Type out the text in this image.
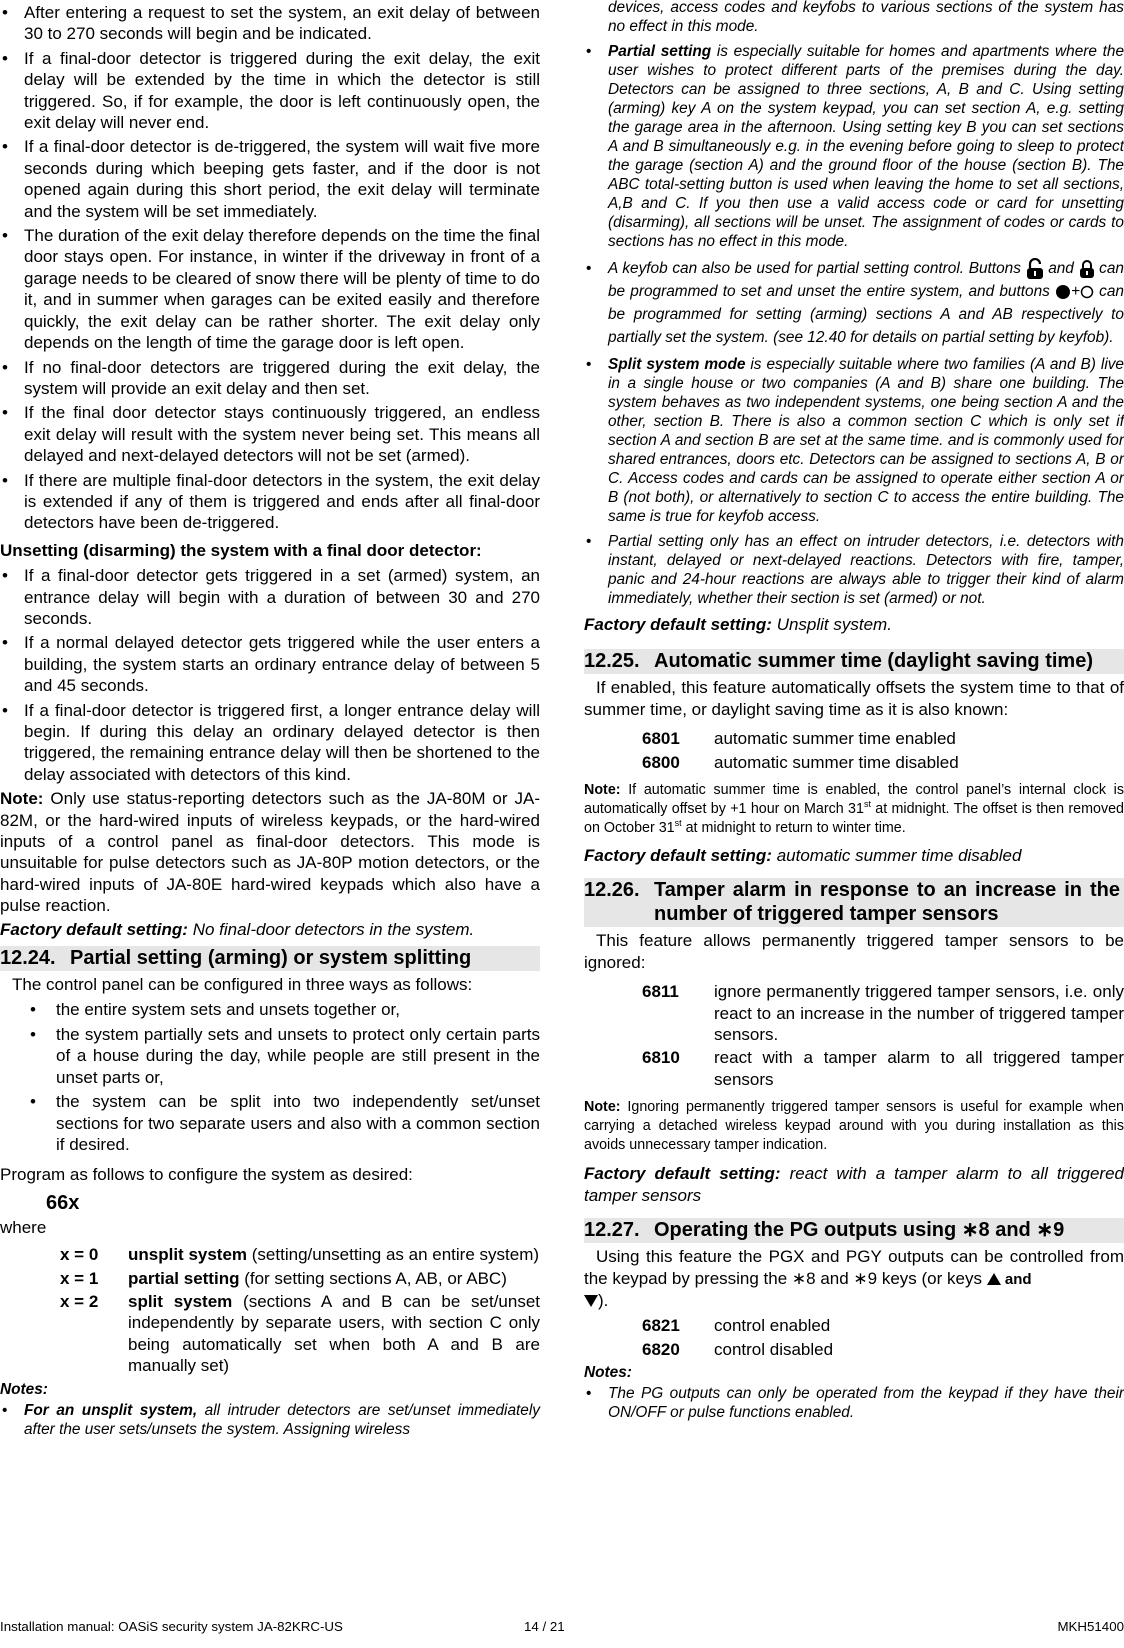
• After entering a request to set the system, an exit delay of between 30 to 270 seconds will begin and be indicated.
• If a final-door detector is triggered during the exit delay, the exit delay will be extended by the time in which the detector is still triggered. So, if for example, the door is left continuously open, the exit delay will never end.
• If a final-door detector is de-triggered, the system will wait five more seconds during which beeping gets faster, and if the door is not opened again during this short period, the exit delay will terminate and the system will be set immediately.
• The duration of the exit delay therefore depends on the time the final door stays open. For instance, in winter if the driveway in front of a garage needs to be cleared of snow there will be plenty of time to do it, and in summer when garages can be exited easily and therefore quickly, the exit delay can be rather shorter. The exit delay only depends on the length of time the garage door is left open.
• If no final-door detectors are triggered during the exit delay, the system will provide an exit delay and then set.
• If the final door detector stays continuously triggered, an endless exit delay will result with the system never being set. This means all delayed and next-delayed detectors will not be set (armed).
• If there are multiple final-door detectors in the system, the exit delay is extended if any of them is triggered and ends after all final-door detectors have been de-triggered.

Unsetting (disarming) the system with a final door detector:

• If a final-door detector gets triggered in a set (armed) system, an entrance delay will begin with a duration of between 30 and 270 seconds.
• If a normal delayed detector gets triggered while the user enters a building, the system starts an ordinary entrance delay of between 5 and 45 seconds.
• If a final-door detector is triggered first, a longer entrance delay will begin. If during this delay an ordinary delayed detector is then triggered, the remaining entrance delay will then be shortened to the delay associated with detectors of this kind.

Note: Only use status-reporting detectors such as the JA-80M or JA-82M, or the hard-wired inputs of wireless keypads, or the hard-wired inputs of a control panel as final-door detectors. This mode is unsuitable for pulse detectors such as JA-80P motion detectors, or the hard-wired inputs of JA-80E hard-wired keypads which also have a pulse reaction.

Factory default setting: No final-door detectors in the system.

12.24. Partial setting (arming) or system splitting

The control panel can be configured in three ways as follows:

• the entire system sets and unsets together or,
• the system partially sets and unsets to protect only certain parts of a house during the day, while people are still present in the unset parts or,
• the system can be split into two independently set/unset sections for two separate users and also with a common section if desired.

Program as follows to configure the system as desired:

66x

where

x = 0	unsplit system (setting/unsetting as an entire system)
x = 1	partial setting (for setting sections A, AB, or ABC)
x = 2	split system (sections A and B can be set/unset independently by separate users, with section C only being automatically set when both A and B are manually set)

Notes:

• For an unsplit system, all intruder detectors are set/unset immediately after the user sets/unsets the system. Assigning wireless

devices, access codes and keyfobs to various sections of the system has no effect in this mode.

• Partial setting is especially suitable for homes and apartments where the user wishes to protect different parts of the premises during the day. Detectors can be assigned to three sections, A, B and C. Using setting (arming) key A on the system keypad, you can set section A, e.g. setting the garage area in the afternoon. Using setting key B you can set sections A and B simultaneously e.g. in the evening before going to sleep to protect the garage (section A) and the ground floor of the house (section B). The ABC total-setting button is used when leaving the home to set all sections, A,B and C. If you then use a valid access code or card for unsetting (disarming), all sections will be unset. The assignment of codes or cards to sections has no effect in this mode.
• A keyfob can also be used for partial setting control. Buttons  and  can be programmed to set and unset the entire system, and buttons + can be programmed for setting (arming) sections A and AB respectively to partially set the system. (see 12.40 for details on partial setting by keyfob).
• Split system mode is especially suitable where two families (A and B) live in a single house or two companies (A and B) share one building. The system behaves as two independent systems, one being section A and the other, section B. There is also a common section C which is only set if section A and section B are set at the same time. and is commonly used for shared entrances, doors etc. Detectors can be assigned to sections A, B or C. Access codes and cards can be assigned to operate either section A or B (not both), or alternatively to section C to access the entire building. The same is true for keyfob access.
• Partial setting only has an effect on intruder detectors, i.e. detectors with instant, delayed or next-delayed reactions. Detectors with fire, tamper, panic and 24-hour reactions are always able to trigger their kind of alarm immediately, whether their section is set (armed) or not.

Factory default setting: Unsplit system.

12.25. Automatic summer time (daylight saving time)

If enabled, this feature automatically offsets the system time to that of summer time, or daylight saving time as it is also known:

6801	automatic summer time enabled
6800	automatic summer time disabled

Note: If automatic summer time is enabled, the control panel’s internal clock is automatically offset by +1 hour on March 31st at midnight. The offset is then removed on October 31st at midnight to return to winter time.

Factory default setting: automatic summer time disabled

12.26. Tamper alarm in response to an increase in the number of triggered tamper sensors

This feature allows permanently triggered tamper sensors to be ignored:

6811	ignore permanently triggered tamper sensors, i.e. only react to an increase in the number of triggered tamper sensors.
6810	react with a tamper alarm to all triggered tamper sensors

Note: Ignoring permanently triggered tamper sensors is useful for example when carrying a detached wireless keypad around with you during installation as this avoids unnecessary tamper indication.

Factory default setting: react with a tamper alarm to all triggered tamper sensors

12.27. Operating the PG outputs using ∗8 and ∗9

Using this feature the PGX and PGY outputs can be controlled from the keypad by pressing the ∗8 and ∗9 keys (or keys  and
).

6821	control enabled
6820	control disabled

Notes:

• The PG outputs can only be operated from the keypad if they have their ON/OFF or pulse functions enabled.
Installation manual: OASiS security system JA-82KRC-US	14 / 21	MKH51400
